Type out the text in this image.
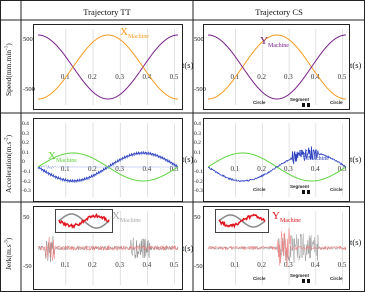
Trajectory TT	Trajectory CS
$Speed(mm.\min^{-1})$
$Acceleration(m.s^{-2})$
$Jerk(m.s^{-3})$
0.1	0.2	0.3	0.4	0.5
t(s)
500
-500
$X_{Machine}$
0.1	0.2	0.3	0.4	0.5
t(s)
500
-500
$Y_{Machine}$
Circle
Segment
Circle
0.1	0.2	0.3	0.4	0.5
t(s)
0.4
0.3
0.2
0.1
0
-0.1
-0.2
-0.3
$X_{Machine}$
0.1	0.2	0.3	0.4	0.5
t(s)
0.4
0.3
0.2
0.1
0
-0.1
-0.2
-0.3
$Y_{Machine}$
Circle
Segment
Circle
0.1	0.2	0.3	0.4	0.5
t(s)
50
-50
$X_{Machine}$
0.1	0.2	0.3	0.4	0.5
t(s)
50
-50
$Y_{Machine}$
Circle
Segment
Circle
